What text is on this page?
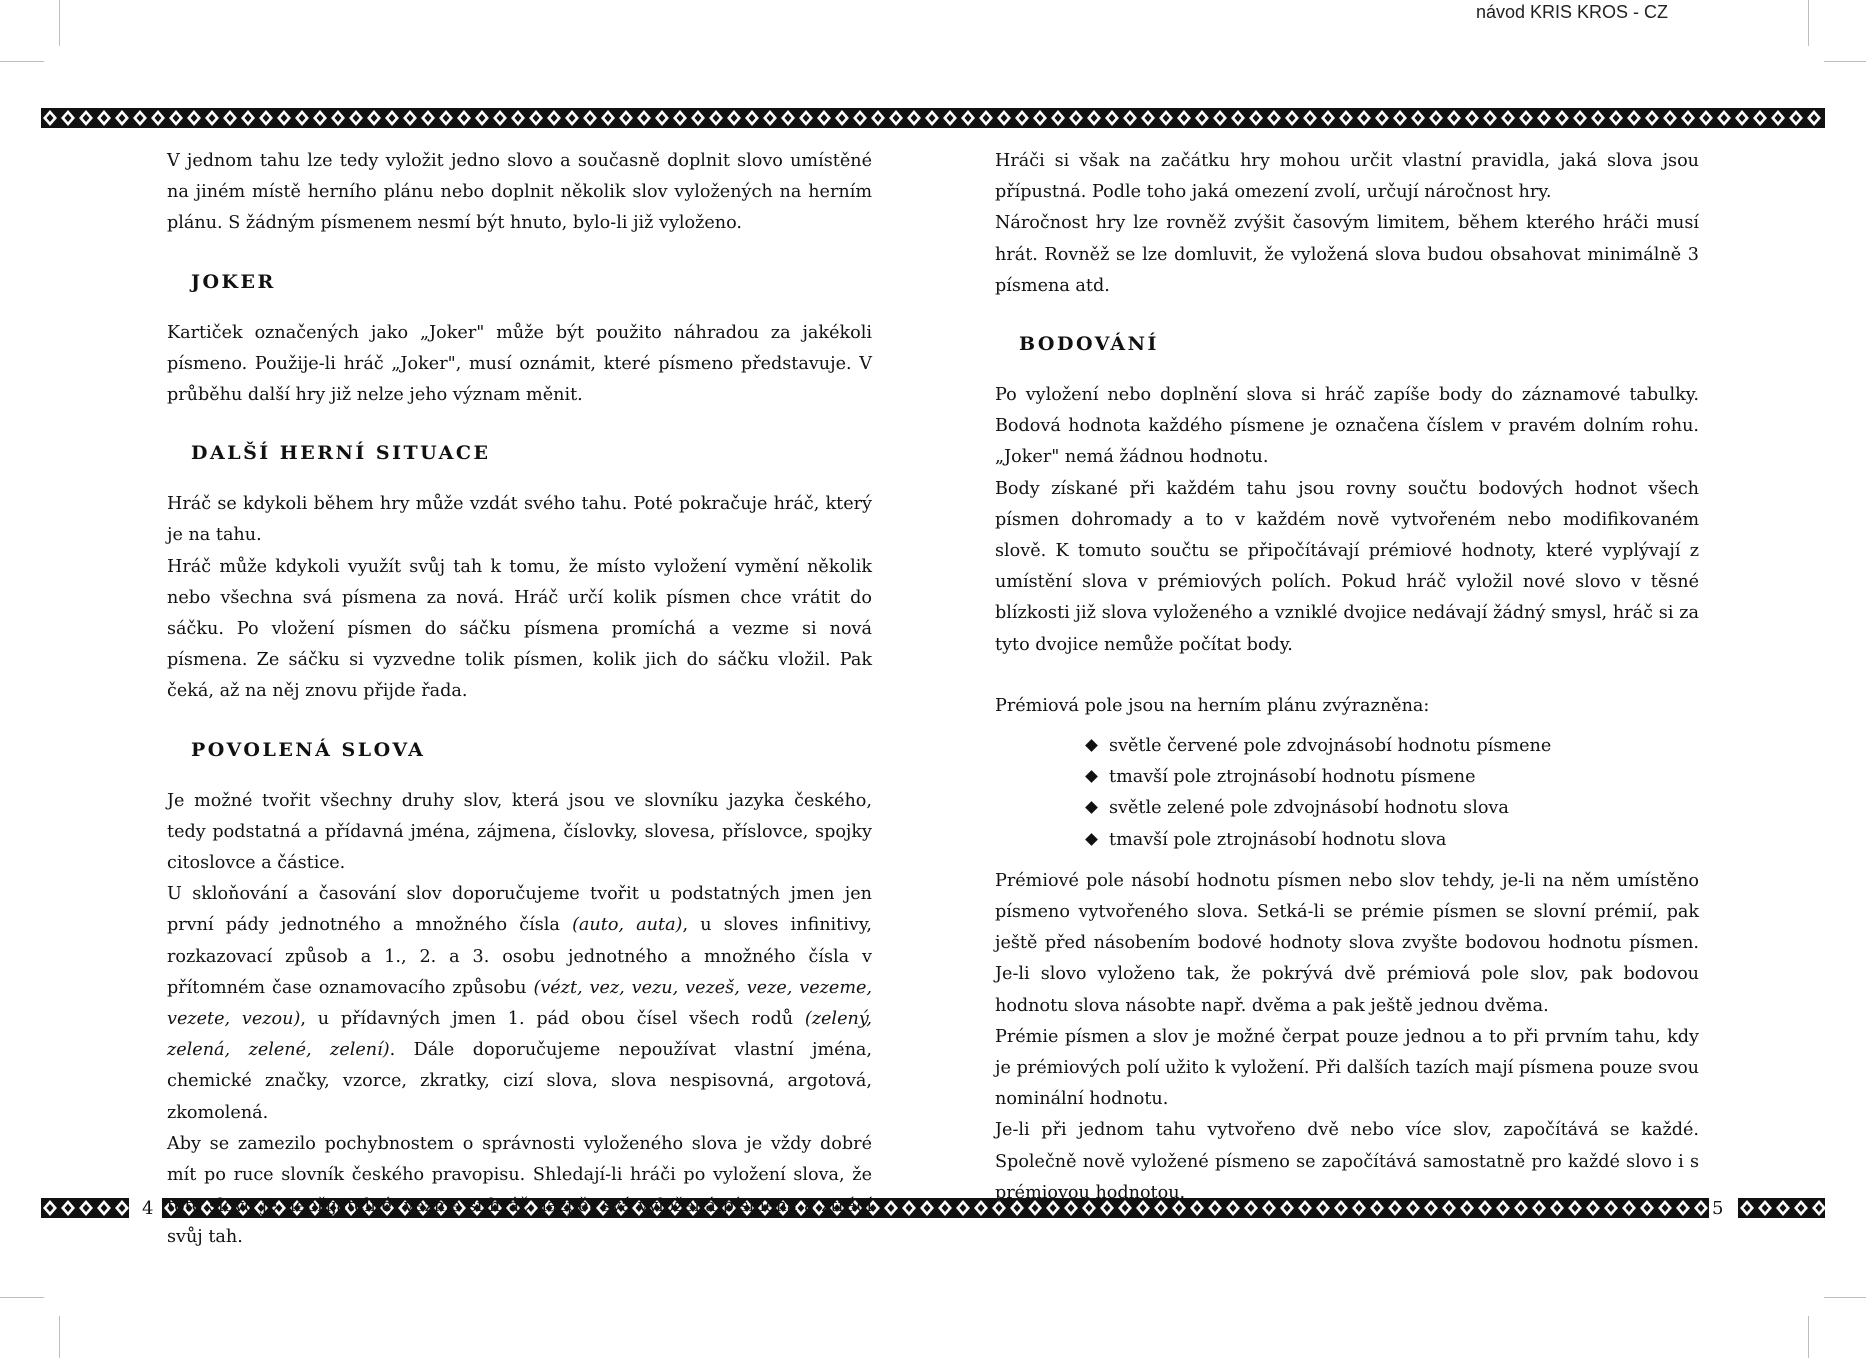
návod KRIS KROS - CZ
4	5

V jednom tahu lze tedy vyložit jedno slovo a současně doplnit slovo umístěné na jiném místě herního plánu nebo doplnit několik slov vyložených na herním plánu. S žádným písmenem nesmí být hnuto, bylo-li již vyloženo.

JOKER

Kartiček označených jako „Joker" může být použito náhradou za jakékoli písmeno. Použije-li hráč „Joker", musí oznámit, které písmeno představuje. V průběhu další hry již nelze jeho význam měnit.

DALŠÍ HERNÍ SITUACE

Hráč se kdykoli během hry může vzdát svého tahu. Poté pokračuje hráč, který je na tahu.

Hráč může kdykoli využít svůj tah k tomu, že místo vyložení vymění několik nebo všechna svá písmena za nová. Hráč určí kolik písmen chce vrátit do sáčku. Po vložení písmen do sáčku písmena promíchá a vezme si nová písmena. Ze sáčku si vyzvedne tolik písmen, kolik jich do sáčku vložil. Pak čeká, až na něj znovu přijde řada.

POVOLENÁ SLOVA

Je možné tvořit všechny druhy slov, která jsou ve slovníku jazyka českého, tedy podstatná a přídavná jména, zájmena, číslovky, slovesa, příslovce, spojky citoslovce a částice.

U skloňování a časování slov doporučujeme tvořit u podstatných jmen jen první pády jednotného a množného čísla (auto, auta), u sloves infinitivy, rozkazovací způsob a 1., 2. a 3. osobu jednotného a množného čísla v přítomném čase oznamovacího způsobu (vézt, vez, vezu, vezeš, veze, vezeme, vezete, vezou), u přídavných jmen 1. pád obou čísel všech rodů (zelený, zelená, zelené, zelení). Dále doporučujeme nepoužívat vlastní jména, chemické značky, vzorce, zkratky, cizí slova, slova nespisovná, argotová, zkomolená.

Aby se zamezilo pochybnostem o správnosti vyloženého slova je vždy dobré mít po ruce slovník českého pravopisu. Shledají-li hráči po vyložení slova, že toto slovo je nepřijatelné, vezme si hráč nazpět svá vyložená písmena a ztrácí svůj tah.

Hráči si však na začátku hry mohou určit vlastní pravidla, jaká slova jsou přípustná. Podle toho jaká omezení zvolí, určují náročnost hry.

Náročnost hry lze rovněž zvýšit časovým limitem, během kterého hráči musí hrát. Rovněž se lze domluvit, že vyložená slova budou obsahovat minimálně 3 písmena atd.

BODOVÁNÍ

Po vyložení nebo doplnění slova si hráč zapíše body do záznamové tabulky. Bodová hodnota každého písmene je označena číslem v pravém dolním rohu. „Joker" nemá žádnou hodnotu.

Body získané při každém tahu jsou rovny součtu bodových hodnot všech písmen dohromady a to v každém nově vytvořeném nebo modifikovaném slově. K tomuto součtu se připočítávají prémiové hodnoty, které vyplývají z umístění slova v prémiových polích. Pokud hráč vyložil nové slovo v těsné blízkosti již slova vyloženého a vzniklé dvojice nedávají žádný smysl, hráč si za tyto dvojice nemůže počítat body.

Prémiová pole jsou na herním plánu zvýrazněna:

světle červené pole zdvojnásobí hodnotu písmene
tmavší pole ztrojnásobí hodnotu písmene
světle zelené pole zdvojnásobí hodnotu slova
tmavší pole ztrojnásobí hodnotu slova

Prémiové pole násobí hodnotu písmen nebo slov tehdy, je-li na něm umístěno písmeno vytvořeného slova. Setká-li se prémie písmen se slovní prémií, pak ještě před násobením bodové hodnoty slova zvyšte bodovou hodnotu písmen. Je-li slovo vyloženo tak, že pokrývá dvě prémiová pole slov, pak bodovou hodnotu slova násobte např. dvěma a pak ještě jednou dvěma.

Prémie písmen a slov je možné čerpat pouze jednou a to při prvním tahu, kdy je prémiových polí užito k vyložení. Při dalších tazích mají písmena pouze svou nominální hodnotu.

Je-li při jednom tahu vytvořeno dvě nebo více slov, započítává se každé. Společně nově vyložené písmeno se započítává samostatně pro každé slovo i s prémiovou hodnotou.
